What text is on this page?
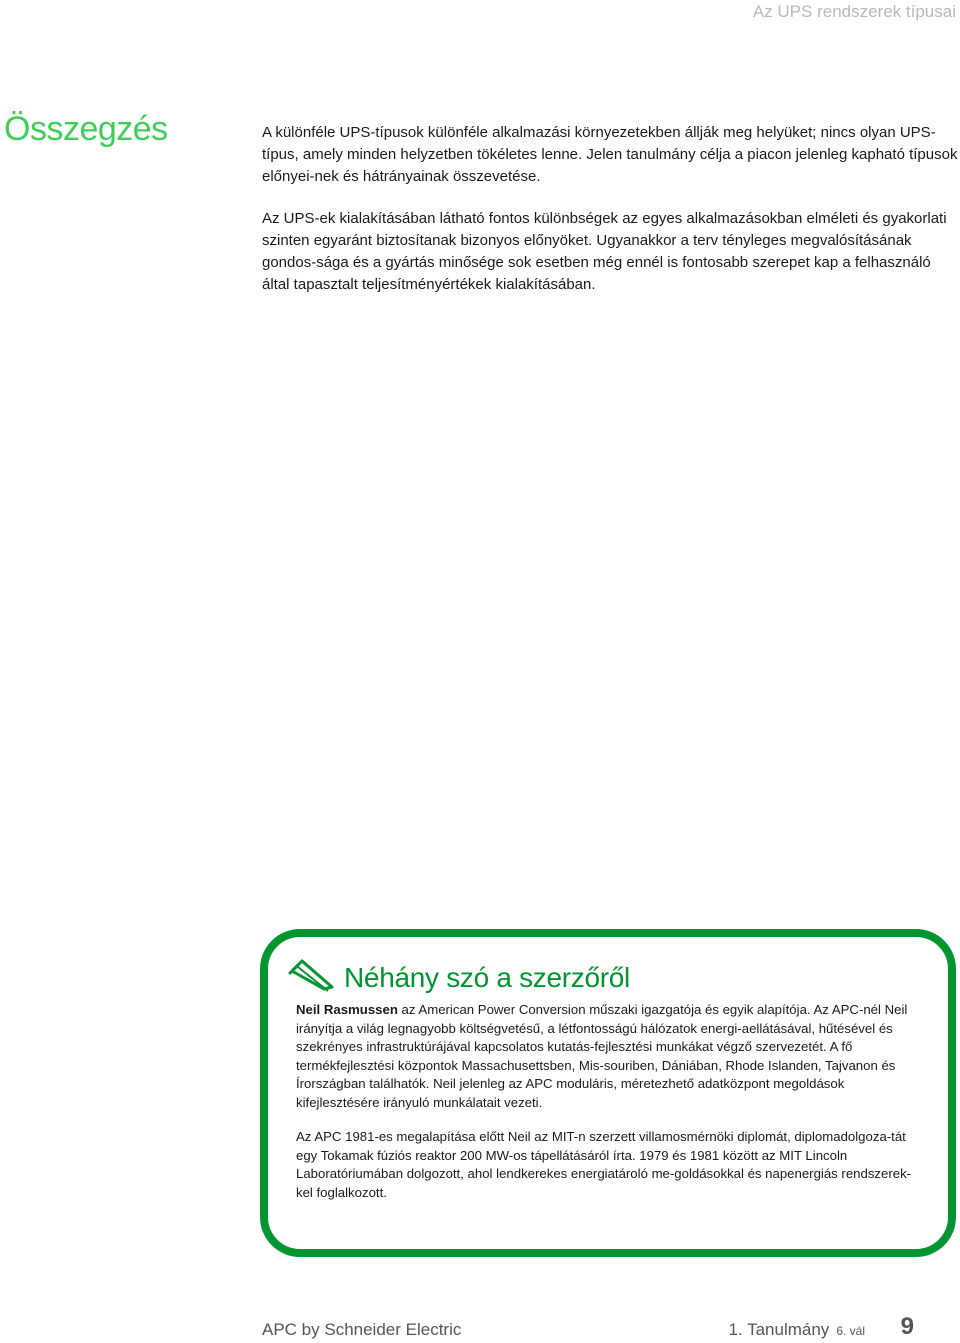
Az UPS rendszerek típusai
Összegzés	A különféle UPS-típusok különféle alkalmazási környezetekben állják meg helyüket; nincs olyan UPS-típus, amely minden helyzetben tökéletes lenne. Jelen tanulmány célja a piacon jelenleg kapható típusok előnyei-nek és hátrányainak összevetése.

Az UPS-ek kialakításában látható fontos különbségek az egyes alkalmazásokban elméleti és gyakorlati szinten egyaránt biztosítanak bizonyos előnyöket. Ugyanakkor a terv tényleges megvalósításának gondos-sága és a gyártás minősége sok esetben még ennél is fontosabb szerepet kap a felhasználó által tapasztalt teljesítményértékek kialakításában.

Néhány szó a szerzőről

Neil Rasmussen az American Power Conversion műszaki igazgatója és egyik alapítója. Az APC-nél Neil irányítja a világ legnagyobb költségvetésű, a létfontosságú hálózatok energi-aellátásával, hűtésével és szekrényes infrastruktúrájával kapcsolatos kutatás-fejlesztési munkákat végző szervezetét. A fő termékfejlesztési központok Massachusettsben, Mis-souriben, Dániában, Rhode Islanden, Tajvanon és Írországban találhatók. Neil jelenleg az APC moduláris, méretezhető adatközpont megoldások kifejlesztésére irányuló munkálatait vezeti.

Az APC 1981-es megalapítása előtt Neil az MIT-n szerzett villamosmérnöki diplomát, diplomadolgoza-tát egy Tokamak fúziós reaktor 200 MW-os tápellátásáról írta. 1979 és 1981 között az MIT Lincoln Laboratóriumában dolgozott, ahol lendkerekes energiatároló me-goldásokkal és napenergiás rendszerek-kel foglalkozott.

APC by Schneider Electric	1. Tanulmány 6. vál 9
